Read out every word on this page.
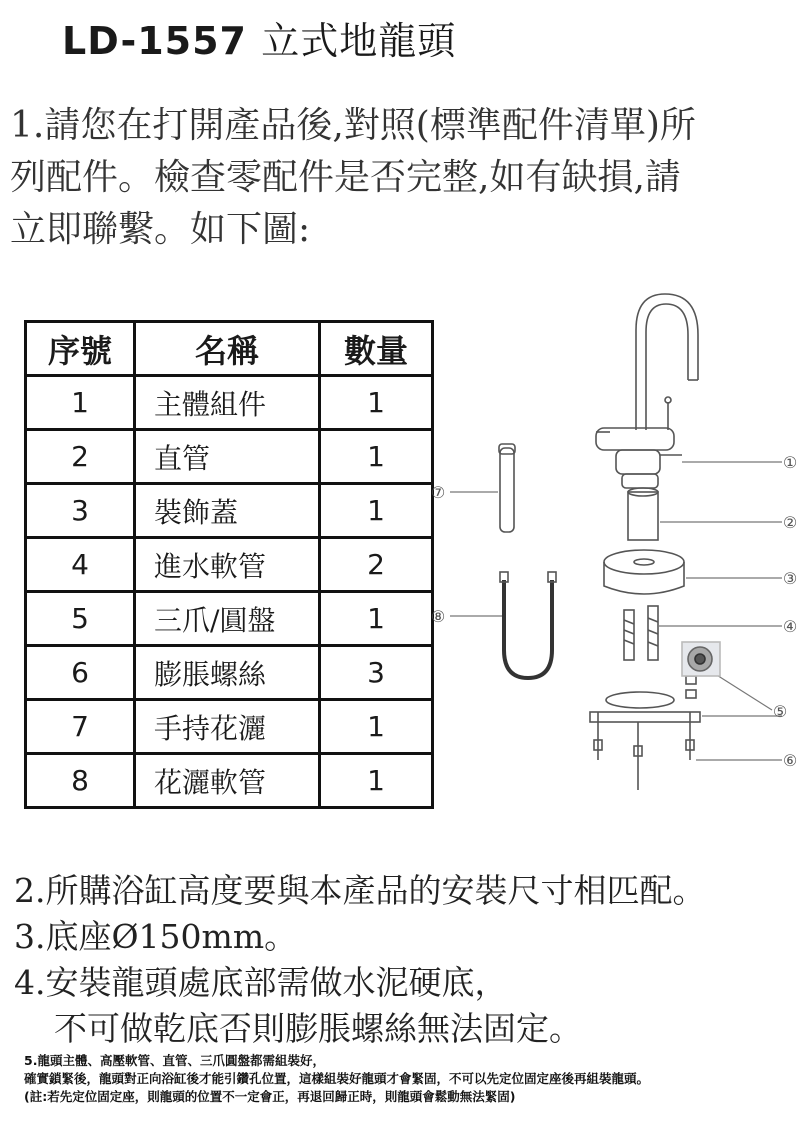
LD-1557 立式地龍頭
1.請您在打開產品後,對照(標準配件清單)所
列配件。檢查零配件是否完整,如有缺損,請
立即聯繫。如下圖:
序號	名稱	數量
1	主體組件	1
2	直管	1
3	裝飾蓋	1
4	進水軟管	2
5	三爪/圓盤	1
6	膨脹螺絲	3
7	手持花灑	1
8	花灑軟管	1
①
②
③
④
⑤
⑥
⑦
⑧
2.所購浴缸高度要與本產品的安裝尺寸相匹配。
3.底座Ø150mm。
4.安裝龍頭處底部需做水泥硬底，
不可做乾底否則膨脹螺絲無法固定。
5.龍頭主體、高壓軟管、直管、三爪圓盤都需組裝好，
確實鎖緊後，龍頭對正向浴缸後才能引鑽孔位置，這樣組裝好龍頭才會緊固，不可以先定位固定座後再組裝龍頭。
(註:若先定位固定座，則龍頭的位置不一定會正，再退回歸正時，則龍頭會鬆動無法緊固)
